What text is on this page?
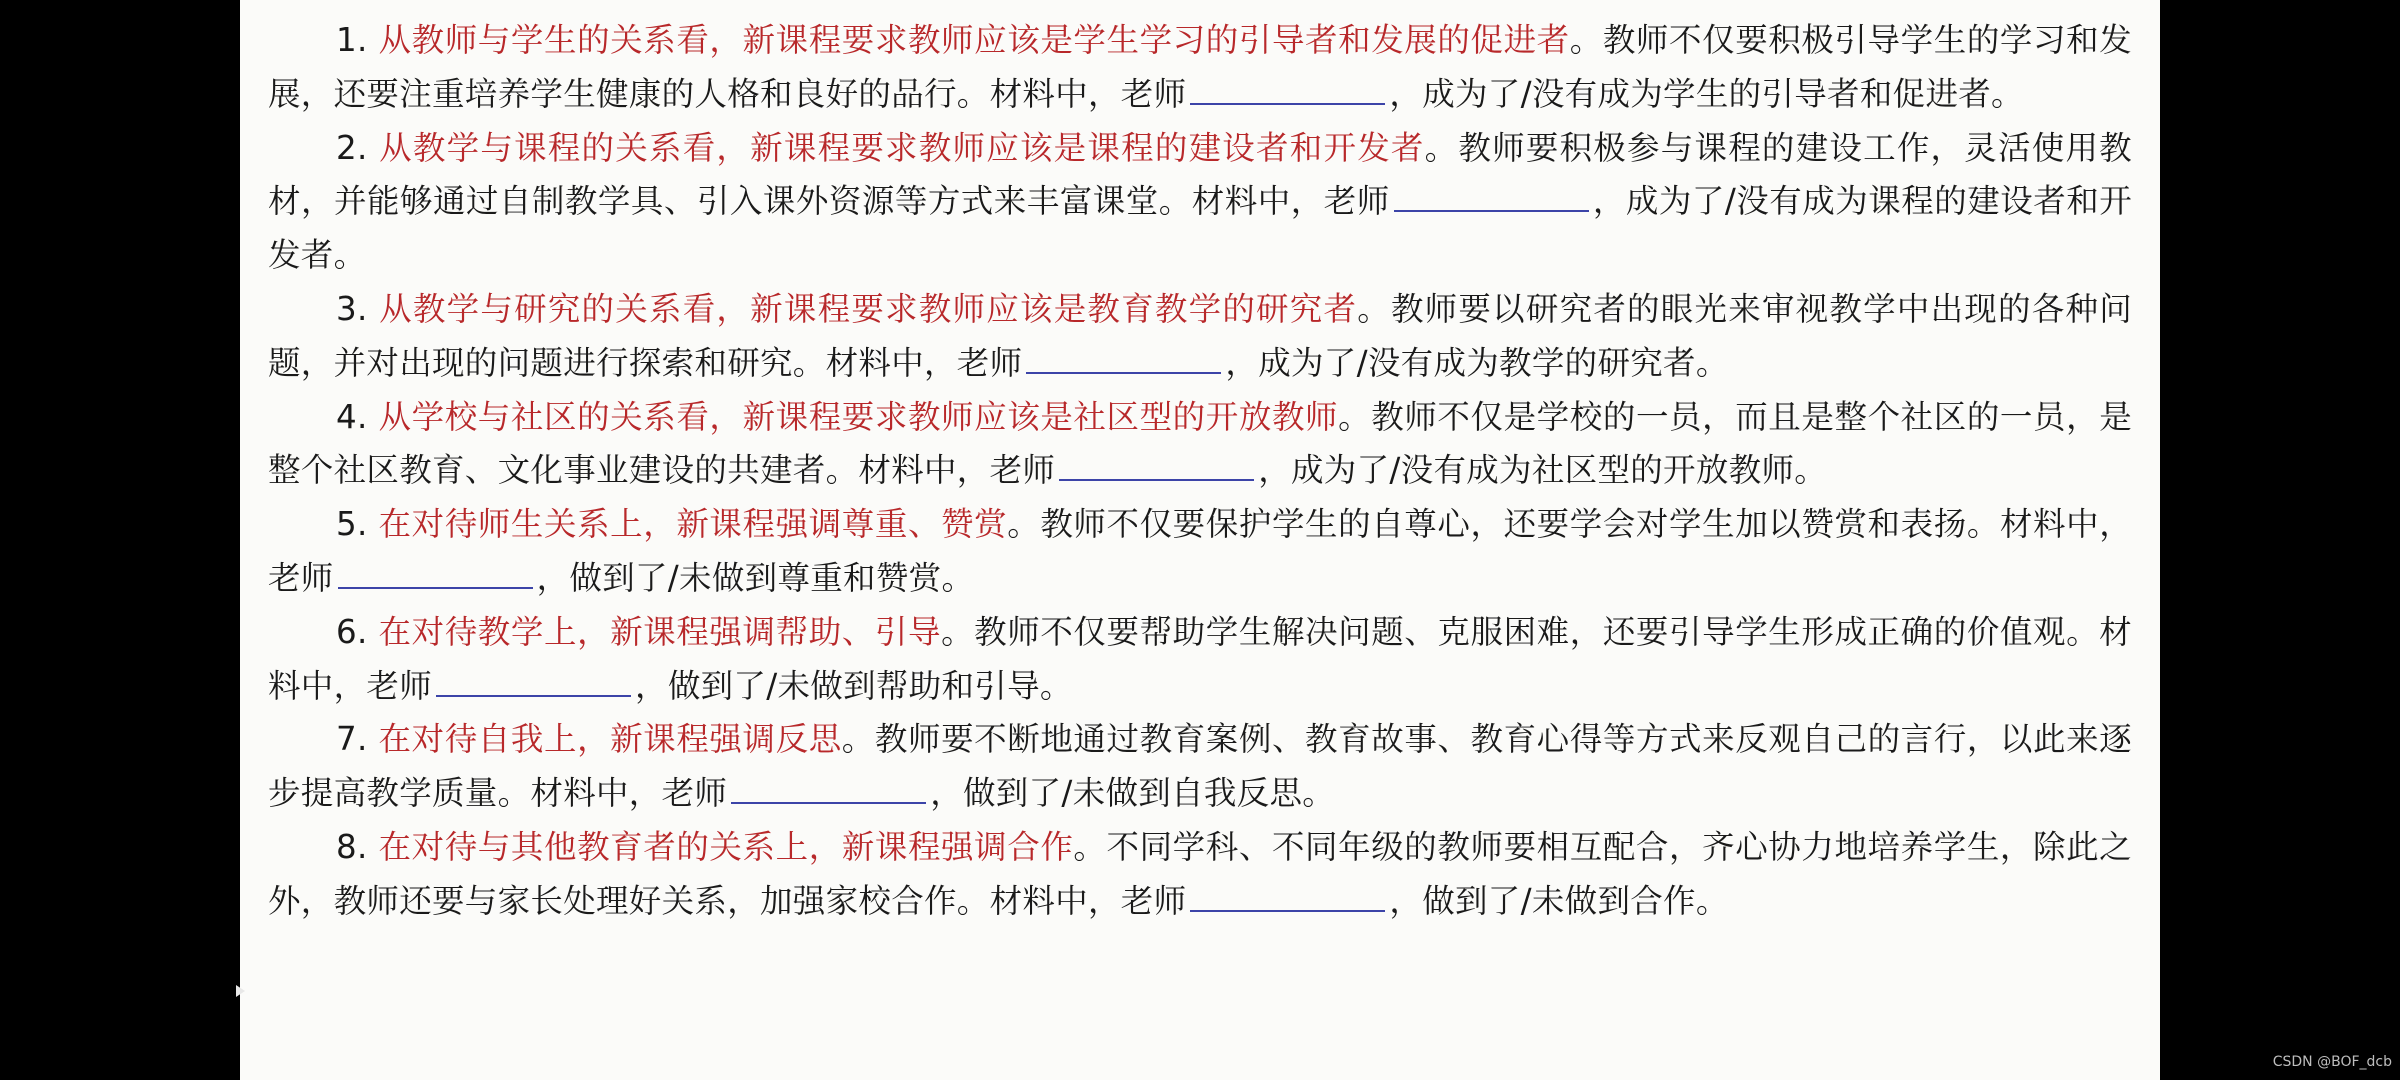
1. 从教师与学生的关系看，新课程要求教师应该是学生学习的引导者和发展的促进者。教师不仅要积极引导学生的学习和发展，还要注重培养学生健康的人格和良好的品行。材料中，老师	，成为了/没有成为学生的引导者和促进者。

2. 从教学与课程的关系看，新课程要求教师应该是课程的建设者和开发者。教师要积极参与课程的建设工作，灵活使用教材，并能够通过自制教学具、引入课外资源等方式来丰富课堂。材料中，老师	，成为了/没有成为课程的建设者和开发者。

3. 从教学与研究的关系看，新课程要求教师应该是教育教学的研究者。教师要以研究者的眼光来审视教学中出现的各种问题，并对出现的问题进行探索和研究。材料中，老师	，成为了/没有成为教学的研究者。

4. 从学校与社区的关系看，新课程要求教师应该是社区型的开放教师。教师不仅是学校的一员，而且是整个社区的一员，是整个社区教育、文化事业建设的共建者。材料中，老师	，成为了/没有成为社区型的开放教师。

5. 在对待师生关系上，新课程强调尊重、赞赏。教师不仅要保护学生的自尊心，还要学会对学生加以赞赏和表扬。材料中，老师	，做到了/未做到尊重和赞赏。

6. 在对待教学上，新课程强调帮助、引导。教师不仅要帮助学生解决问题、克服困难，还要引导学生形成正确的价值观。材料中，老师	，做到了/未做到帮助和引导。

7. 在对待自我上，新课程强调反思。教师要不断地通过教育案例、教育故事、教育心得等方式来反观自己的言行，以此来逐步提高教学质量。材料中，老师	，做到了/未做到自我反思。

8. 在对待与其他教育者的关系上，新课程强调合作。不同学科、不同年级的教师要相互配合，齐心协力地培养学生，除此之外，教师还要与家长处理好关系，加强家校合作。材料中，老师	，做到了/未做到合作。

CSDN @BOF_dcb
